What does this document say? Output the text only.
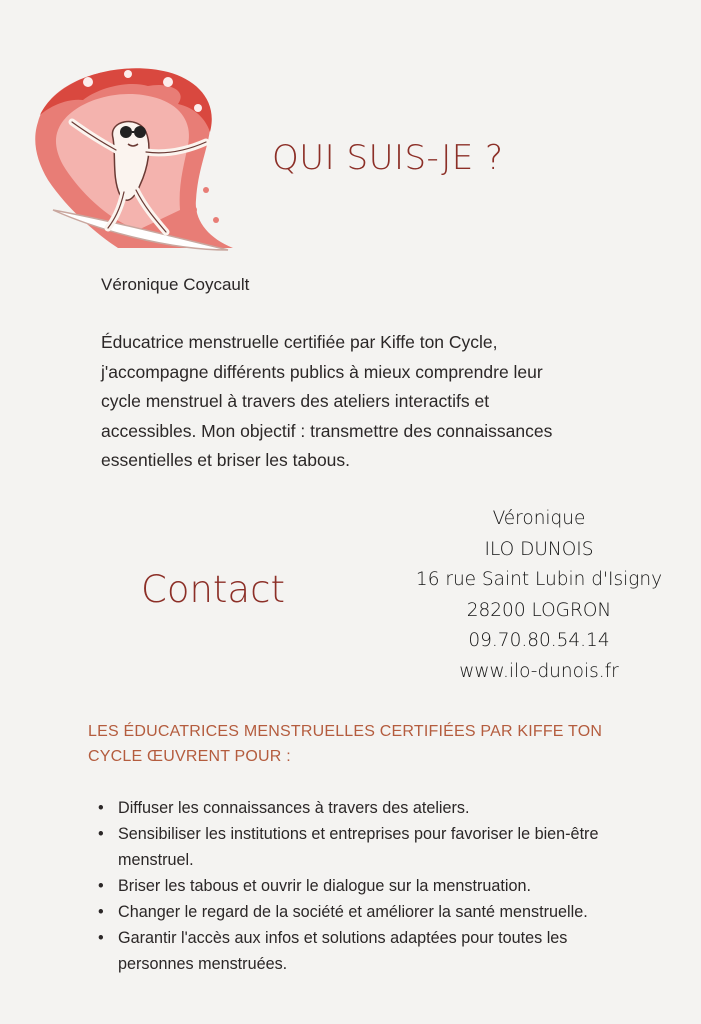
QUI SUIS-JE ?

Véronique Coycault

Éducatrice menstruelle certifiée par Kiffe ton Cycle, j'accompagne différents publics à mieux comprendre leur cycle menstruel à travers des ateliers interactifs et accessibles. Mon objectif : transmettre des connaissances essentielles et briser les tabous.

Contact
Véronique
ILO DUNOIS
16 rue Saint Lubin d'Isigny
28200 LOGRON
09.70.80.54.14
www.ilo-dunois.fr

LES ÉDUCATRICES MENSTRUELLES CERTIFIÉES PAR KIFFE TON CYCLE ŒUVRENT POUR :

• Diffuser les connaissances à travers des ateliers.
• Sensibiliser les institutions et entreprises pour favoriser le bien-être menstruel.
• Briser les tabous et ouvrir le dialogue sur la menstruation.
• Changer le regard de la société et améliorer la santé menstruelle.
• Garantir l'accès aux infos et solutions adaptées pour toutes les personnes menstruées.
